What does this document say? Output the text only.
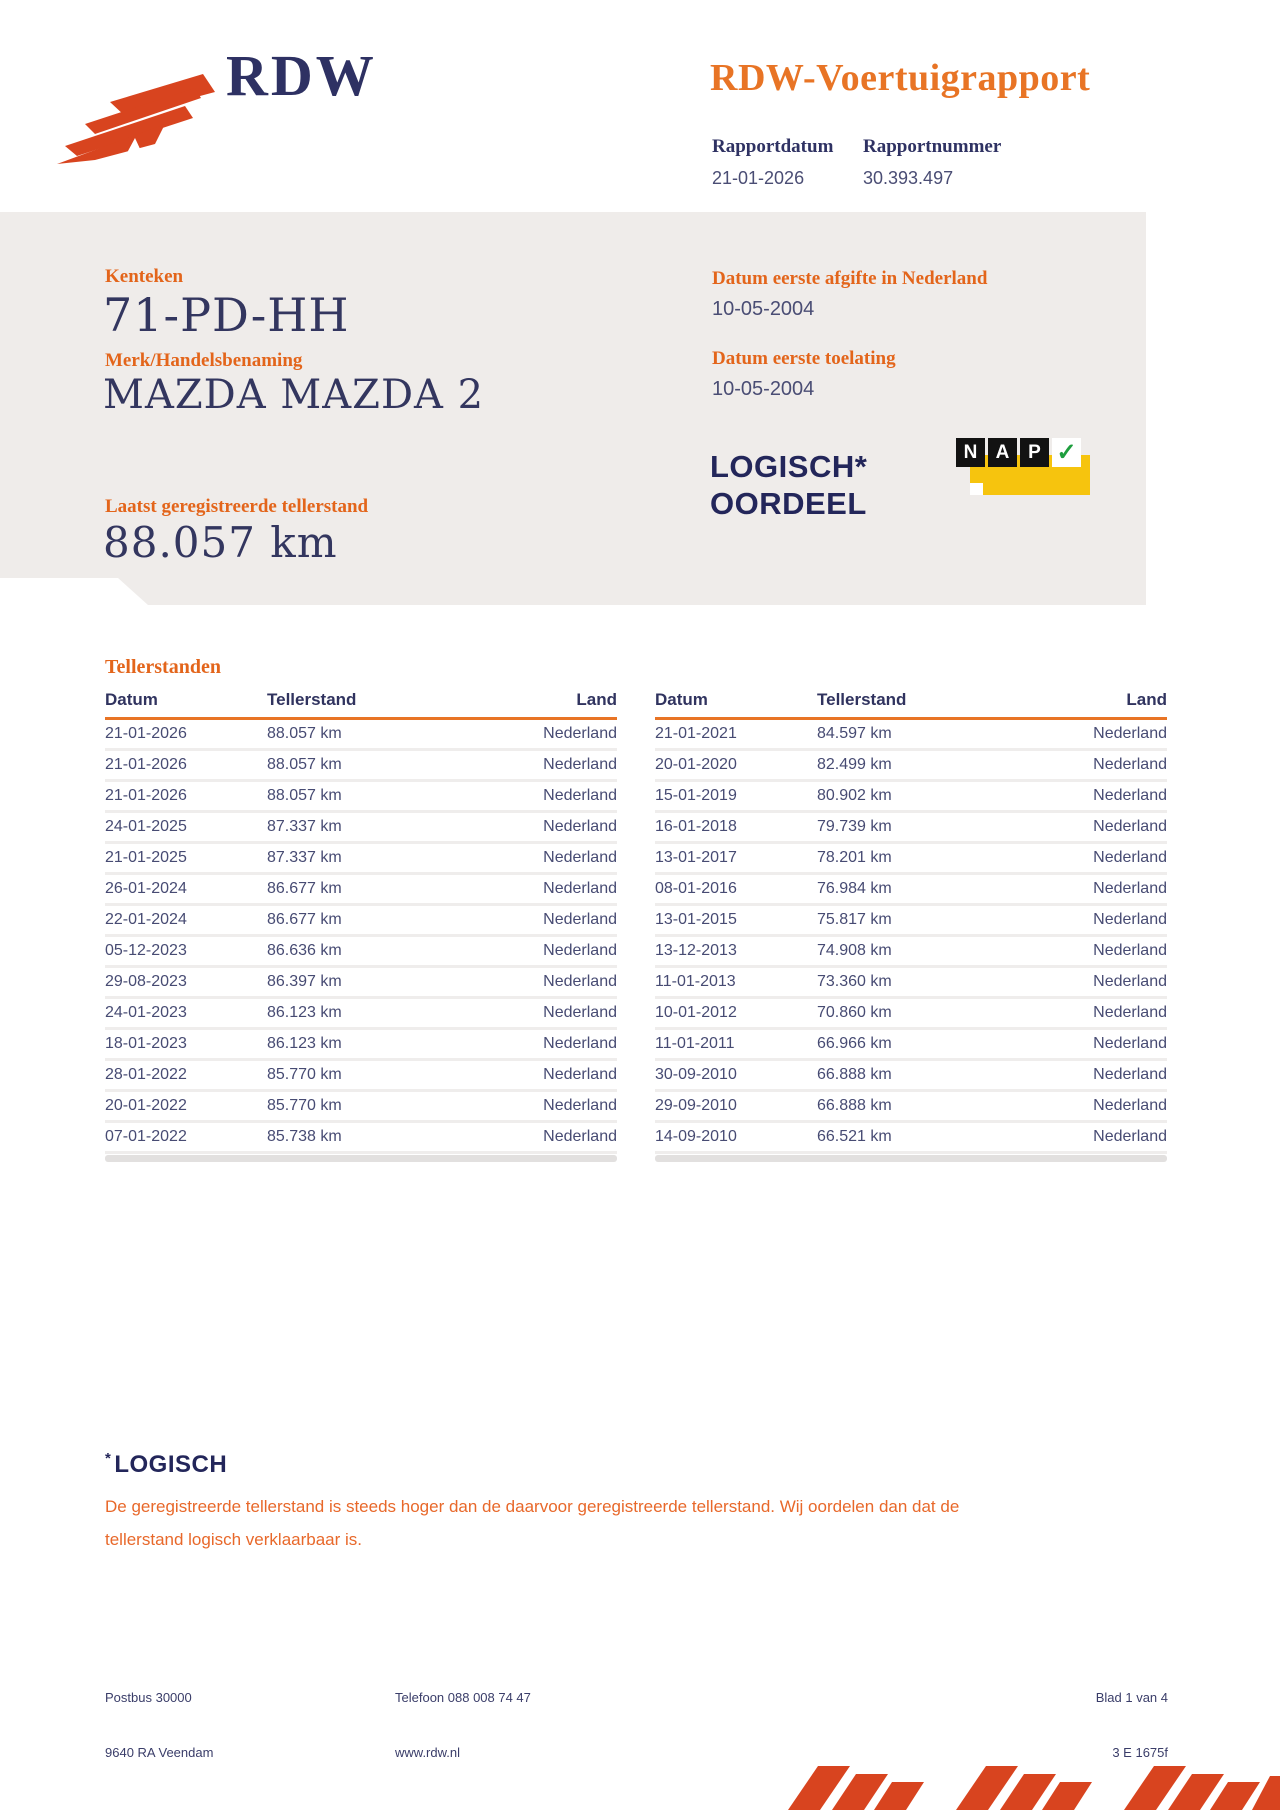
RDW	RDW-Voertuigrapport
Rapportdatum
21-01-2026
Rapportnummer
30.393.497
Kenteken
71-PD-HH
Merk/Handelsbenaming
MAZDA MAZDA 2
Laatst geregistreerde tellerstand
88.057 km
Datum eerste afgifte in Nederland
10-05-2004
Datum eerste toelating
10-05-2004
LOGISCH*
OORDEEL
N A P ✓
Tellerstanden
Datum	Tellerstand	Land
21-01-2026	88.057 km	Nederland
21-01-2026	88.057 km	Nederland
21-01-2026	88.057 km	Nederland
24-01-2025	87.337 km	Nederland
21-01-2025	87.337 km	Nederland
26-01-2024	86.677 km	Nederland
22-01-2024	86.677 km	Nederland
05-12-2023	86.636 km	Nederland
29-08-2023	86.397 km	Nederland
24-01-2023	86.123 km	Nederland
18-01-2023	86.123 km	Nederland
28-01-2022	85.770 km	Nederland
20-01-2022	85.770 km	Nederland
07-01-2022	85.738 km	Nederland
Datum	Tellerstand	Land
21-01-2021	84.597 km	Nederland
20-01-2020	82.499 km	Nederland
15-01-2019	80.902 km	Nederland
16-01-2018	79.739 km	Nederland
13-01-2017	78.201 km	Nederland
08-01-2016	76.984 km	Nederland
13-01-2015	75.817 km	Nederland
13-12-2013	74.908 km	Nederland
11-01-2013	73.360 km	Nederland
10-01-2012	70.860 km	Nederland
11-01-2011	66.966 km	Nederland
30-09-2010	66.888 km	Nederland
29-09-2010	66.888 km	Nederland
14-09-2010	66.521 km	Nederland
* LOGISCH

De geregistreerde tellerstand is steeds hoger dan de daarvoor geregistreerde tellerstand. Wij oordelen dan dat de tellerstand logisch verklaarbaar is.

Postbus 30000	Telefoon 088 008 74 47	Blad 1 van 4
9640 RA Veendam	www.rdw.nl	3 E 1675f
